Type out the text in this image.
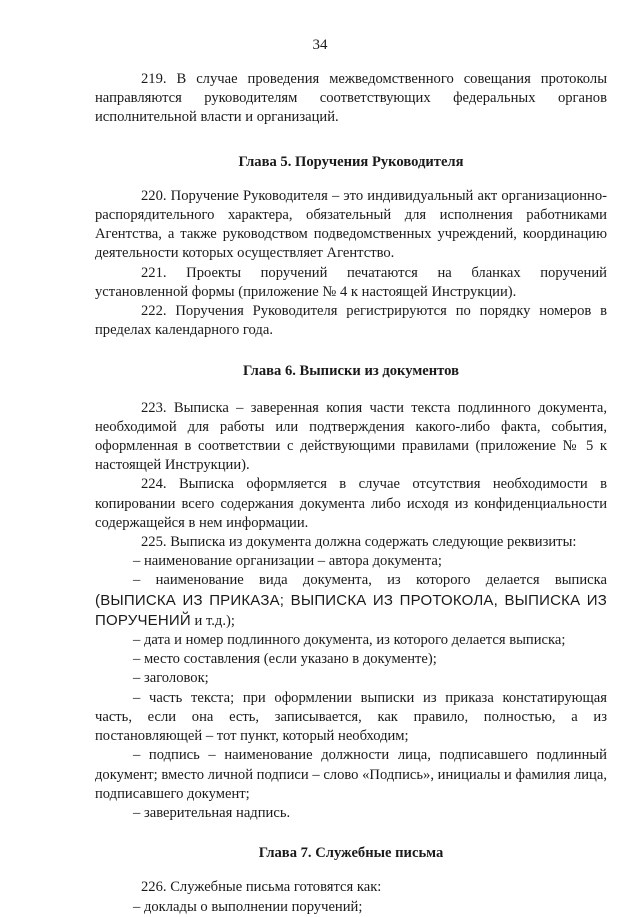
34

219. В случае проведения межведомственного совещания протоколы направляются руководителям соответствующих федеральных органов исполнительной власти и организаций.

Глава 5. Поручения Руководителя

220. Поручение Руководителя – это индивидуальный акт организационно-распорядительного характера, обязательный для исполнения работниками Агентства, а также руководством подведомственных учреждений, координацию деятельности которых осуществляет Агентство.

221. Проекты поручений печатаются на бланках поручений установленной формы (приложение № 4 к настоящей Инструкции).

222. Поручения Руководителя регистрируются по порядку номеров в пределах календарного года.

Глава 6. Выписки из документов

223. Выписка – заверенная копия части текста подлинного документа, необходимой для работы или подтверждения какого-либо факта, события, оформленная в соответствии с действующими правилами (приложение № 5 к настоящей Инструкции).

224. Выписка оформляется в случае отсутствия необходимости в копировании всего содержания документа либо исходя из конфиденциальности содержащейся в нем информации.

225. Выписка из документа должна содержать следующие реквизиты:

– наименование организации – автора документа;

– наименование вида документа, из которого делается выписка (ВЫПИСКА ИЗ ПРИКАЗА; ВЫПИСКА ИЗ ПРОТОКОЛА, ВЫПИСКА ИЗ ПОРУЧЕНИЙ и т.д.);

– дата и номер подлинного документа, из которого делается выписка;

– место составления (если указано в документе);

– заголовок;

– часть текста; при оформлении выписки из приказа констатирующая часть, если она есть, записывается, как правило, полностью, а из постановляющей – тот пункт, который необходим;

– подпись – наименование должности лица, подписавшего подлинный документ; вместо личной подписи – слово «Подпись», инициалы и фамилия лица, подписавшего документ;

– заверительная надпись.

Глава 7. Служебные письма

226. Служебные письма готовятся как:

– доклады о выполнении поручений;
